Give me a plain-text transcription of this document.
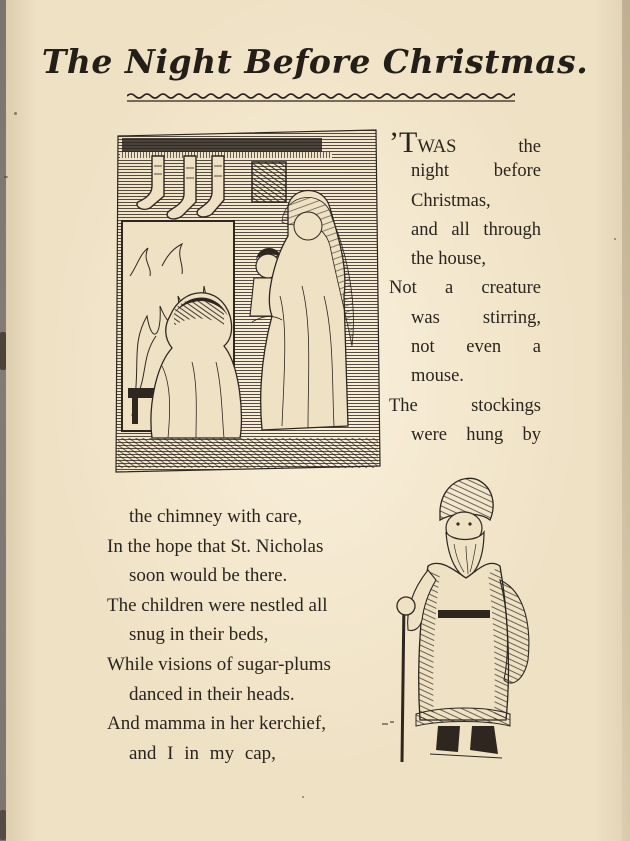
The Night Before Christmas.
’TWAS the
night before
Christmas,
and all through
the house,
Not a creature
was stirring,
not even a
mouse.
The stockings
were hung by
the chimney with care,
In the hope that St. Nicholas
soon would be there.
The children were nestled all
snug in their beds,
While visions of sugar-plums
danced in their heads.
And mamma in her kerchief,
and I in my cap,
